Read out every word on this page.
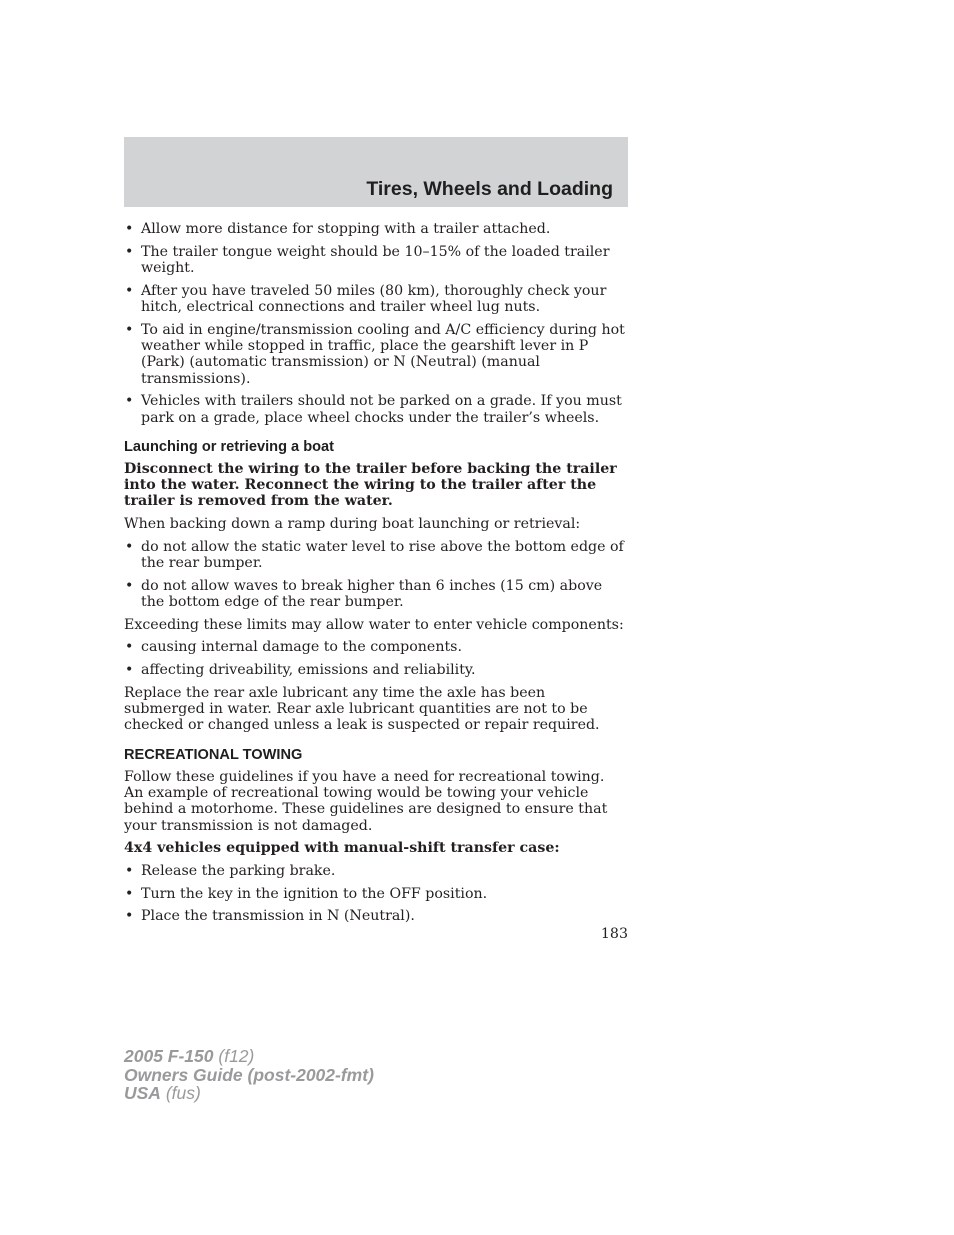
Tires, Wheels and Loading
• Allow more distance for stopping with a trailer attached.
• The trailer tongue weight should be 10–15% of the loaded trailer weight.
• After you have traveled 50 miles (80 km), thoroughly check your hitch, electrical connections and trailer wheel lug nuts.
• To aid in engine/transmission cooling and A/C efficiency during hot weather while stopped in traffic, place the gearshift lever in P (Park) (automatic transmission) or N (Neutral) (manual transmissions).
• Vehicles with trailers should not be parked on a grade. If you must park on a grade, place wheel chocks under the trailer’s wheels.
Launching or retrieving a boat

Disconnect the wiring to the trailer before backing the trailer into the water. Reconnect the wiring to the trailer after the trailer is removed from the water.

When backing down a ramp during boat launching or retrieval:

• do not allow the static water level to rise above the bottom edge of the rear bumper.
• do not allow waves to break higher than 6 inches (15 cm) above the bottom edge of the rear bumper.

Exceeding these limits may allow water to enter vehicle components:

• causing internal damage to the components.
• affecting driveability, emissions and reliability.

Replace the rear axle lubricant any time the axle has been submerged in water. Rear axle lubricant quantities are not to be checked or changed unless a leak is suspected or repair required.

RECREATIONAL TOWING

Follow these guidelines if you have a need for recreational towing. An example of recreational towing would be towing your vehicle behind a motorhome. These guidelines are designed to ensure that your transmission is not damaged.

4x4 vehicles equipped with manual-shift transfer case:

• Release the parking brake.
• Turn the key in the ignition to the OFF position.
• Place the transmission in N (Neutral).
183
2005 F-150 (f12)
Owners Guide (post-2002-fmt)
USA (fus)
